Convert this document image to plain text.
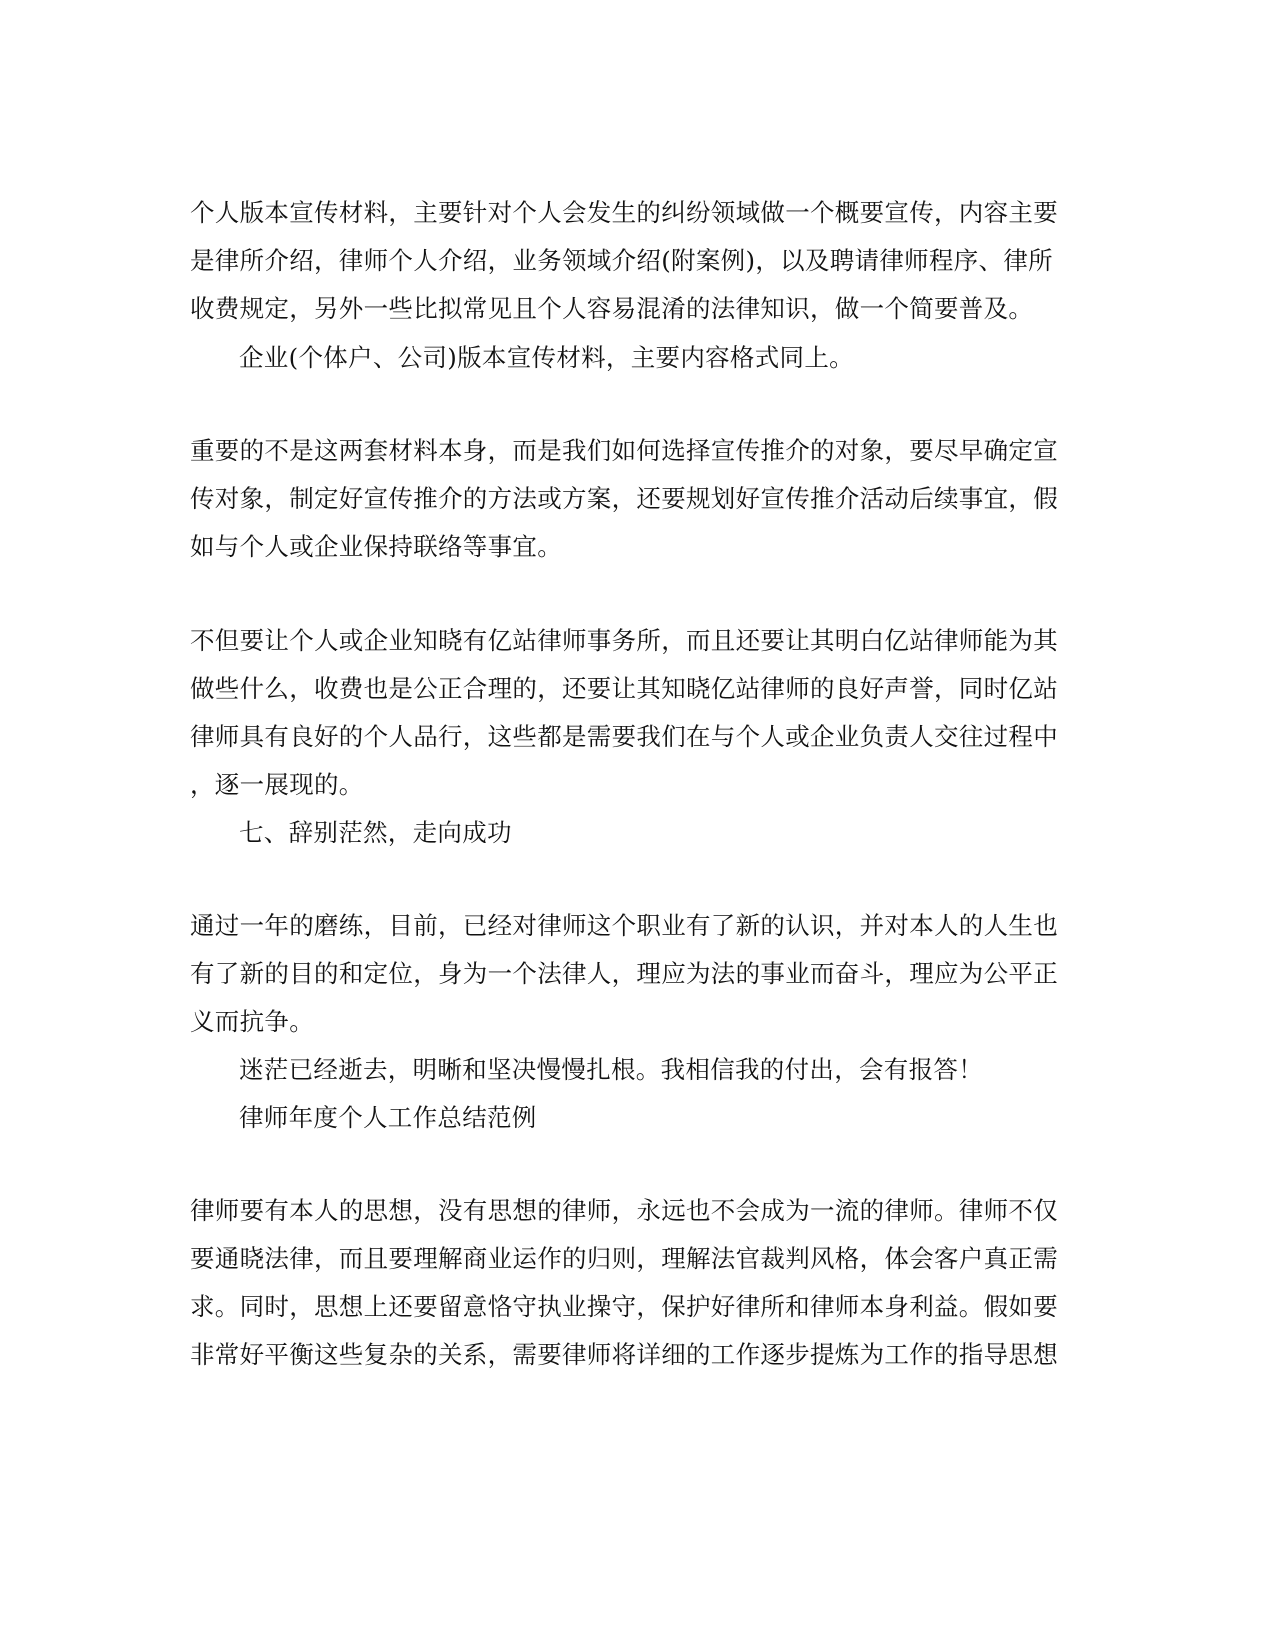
个人版本宣传材料，主要针对个人会发生的纠纷领域做一个概要宣传，内容主要
是律所介绍，律师个人介绍，业务领域介绍(附案例)，以及聘请律师程序、律所
收费规定，另外一些比拟常见且个人容易混淆的法律知识，做一个简要普及。
企业(个体户、公司)版本宣传材料，主要内容格式同上。
重要的不是这两套材料本身，而是我们如何选择宣传推介的对象，要尽早确定宣
传对象，制定好宣传推介的方法或方案，还要规划好宣传推介活动后续事宜，假
如与个人或企业保持联络等事宜。
不但要让个人或企业知晓有亿站律师事务所，而且还要让其明白亿站律师能为其
做些什么，收费也是公正合理的，还要让其知晓亿站律师的良好声誉，同时亿站
律师具有良好的个人品行，这些都是需要我们在与个人或企业负责人交往过程中
，逐一展现的。
七、辞别茫然，走向成功
通过一年的磨练，目前，已经对律师这个职业有了新的认识，并对本人的人生也
有了新的目的和定位，身为一个法律人，理应为法的事业而奋斗，理应为公平正
义而抗争。
迷茫已经逝去，明晰和坚决慢慢扎根。我相信我的付出，会有报答！
律师年度个人工作总结范例
律师要有本人的思想，没有思想的律师，永远也不会成为一流的律师。律师不仅
要通晓法律，而且要理解商业运作的归则，理解法官裁判风格，体会客户真正需
求。同时，思想上还要留意恪守执业操守，保护好律所和律师本身利益。假如要
非常好平衡这些复杂的关系，需要律师将详细的工作逐步提炼为工作的指导思想
